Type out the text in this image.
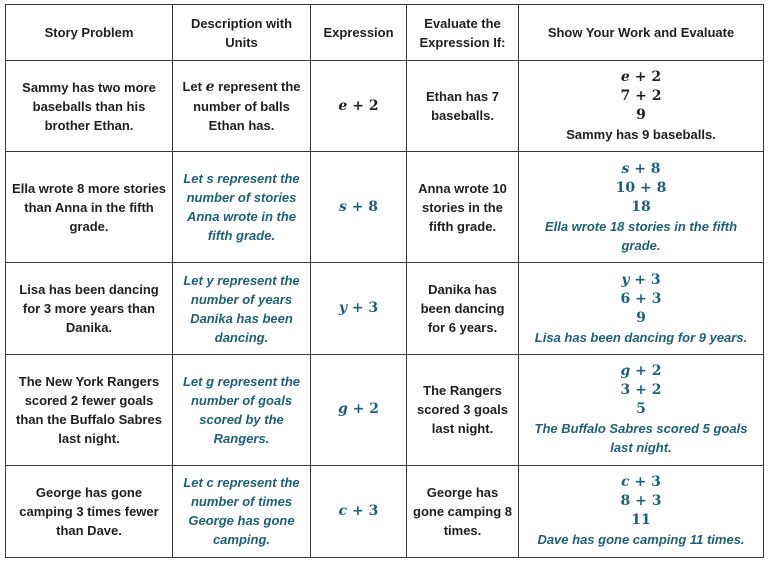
Story Problem	Description with Units	Expression	Evaluate the Expression If:	Show Your Work and Evaluate
Sammy has two more baseballs than his brother Ethan.	Let e represent the number of balls Ethan has.	e + 2	Ethan has 7 baseballs.	e + 2
7 + 2
9
Sammy has 9 baseballs.

Ella wrote 8 more stories than Anna in the fifth grade.	Let s represent the number of stories Anna wrote in the fifth grade.	s + 8	Anna wrote 10 stories in the fifth grade.	s + 8
10 + 8
18
Ella wrote 18 stories in the fifth grade.

Lisa has been dancing for 3 more years than Danika.	Let y represent the number of years Danika has been dancing.	y + 3	Danika has been dancing for 6 years.	y + 3
6 + 3
9
Lisa has been dancing for 9 years.

The New York Rangers scored 2 fewer goals than the Buffalo Sabres last night.	Let g represent the number of goals scored by the Rangers.	g + 2	The Rangers scored 3 goals last night.	g + 2
3 + 2
5
The Buffalo Sabres scored 5 goals last night.

George has gone camping 3 times fewer than Dave.	Let c represent the number of times George has gone camping.	c + 3	George has gone camping 8 times.	c + 3
8 + 3
11
Dave has gone camping 11 times.
